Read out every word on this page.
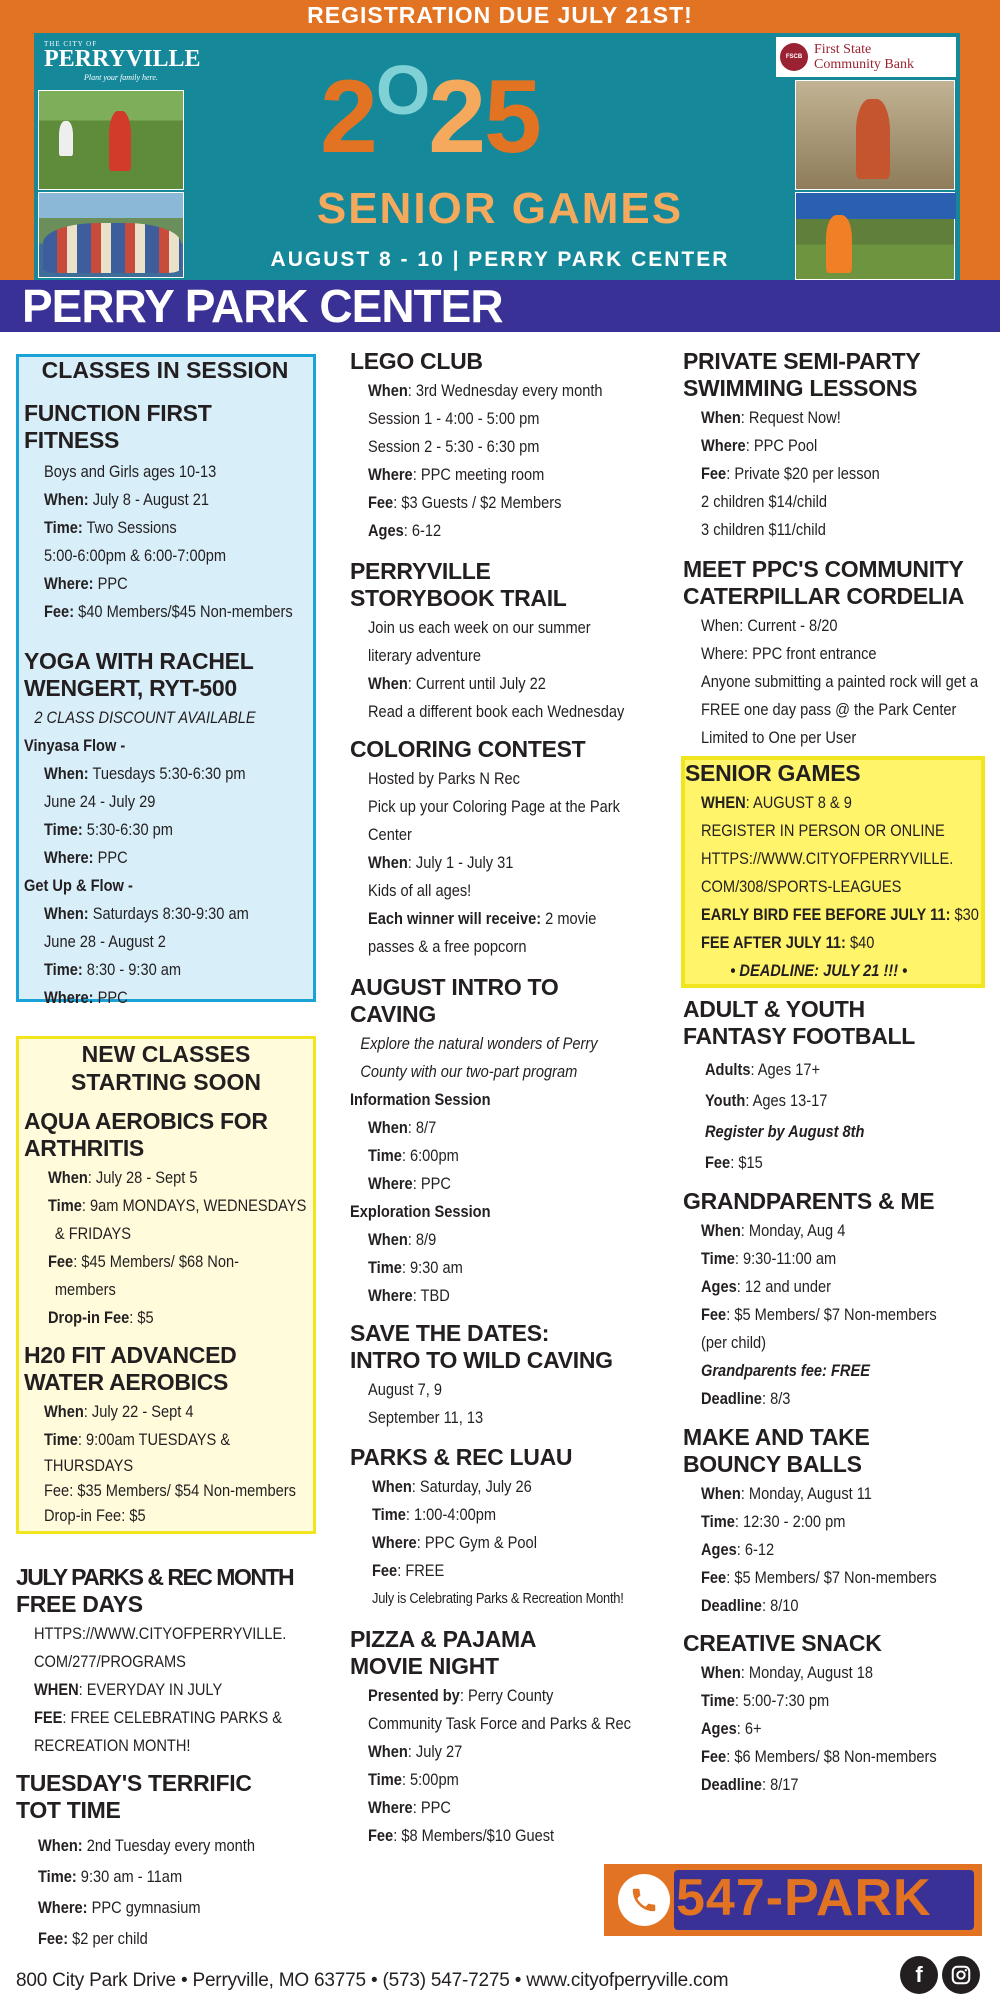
REGISTRATION DUE JULY 21ST!
THE CITY OF
PERRYVILLE
Plant your family here.
FSCB First State
Community Bank
2O25
SENIOR GAMES
AUGUST 8 - 10 | PERRY PARK CENTER
PERRY PARK CENTER
CLASSES IN SESSION
FUNCTION FIRST
FITNESS
Boys and Girls ages 10-13
When: July 8 - August 21
Time: Two Sessions
5:00-6:00pm & 6:00-7:00pm
Where: PPC
Fee: $40 Members/$45 Non-members
YOGA WITH RACHEL
WENGERT, RYT-500
2 CLASS DISCOUNT AVAILABLE
Vinyasa Flow -
When: Tuesdays 5:30-6:30 pm
June 24 - July 29
Time: 5:30-6:30 pm
Where: PPC
Get Up & Flow -
When: Saturdays 8:30-9:30 am
June 28 - August 2
Time: 8:30 - 9:30 am
Where: PPC
NEW CLASSES
STARTING SOON
AQUA AEROBICS FOR
ARTHRITIS
When: July 28 - Sept 5
Time: 9am MONDAYS, WEDNESDAYS
& FRIDAYS
Fee: $45 Members/ $68 Non-
members
Drop-in Fee: $5
H20 FIT ADVANCED
WATER AEROBICS
When: July 22 - Sept 4
Time: 9:00am TUESDAYS &
THURSDAYS
Fee: $35 Members/ $54 Non-members
Drop-in Fee: $5
JULY PARKS & REC MONTH
FREE DAYS
HTTPS://WWW.CITYOFPERRYVILLE.
COM/277/PROGRAMS
WHEN: EVERYDAY IN JULY
FEE: FREE CELEBRATING PARKS &
RECREATION MONTH!
TUESDAY'S TERRIFIC
TOT TIME
When: 2nd Tuesday every month
Time: 9:30 am - 11am
Where: PPC gymnasium
Fee: $2 per child
LEGO CLUB
When: 3rd Wednesday every month
Session 1 - 4:00 - 5:00 pm
Session 2 - 5:30 - 6:30 pm
Where: PPC meeting room
Fee: $3 Guests / $2 Members
Ages: 6-12
PERRYVILLE
STORYBOOK TRAIL
Join us each week on our summer
literary adventure
When: Current until July 22
Read a different book each Wednesday
COLORING CONTEST
Hosted by Parks N Rec
Pick up your Coloring Page at the Park
Center
When: July 1 - July 31
Kids of all ages!
Each winner will receive: 2 movie
passes & a free popcorn
AUGUST INTRO TO
CAVING
Explore the natural wonders of Perry
County with our two-part program
Information Session
When: 8/7
Time: 6:00pm
Where: PPC
Exploration Session
When: 8/9
Time: 9:30 am
Where: TBD
SAVE THE DATES:
INTRO TO WILD CAVING
August 7, 9
September 11, 13
PARKS & REC LUAU
When: Saturday, July 26
Time: 1:00-4:00pm
Where: PPC Gym & Pool
Fee: FREE
July is Celebrating Parks & Recreation Month!
PIZZA & PAJAMA
MOVIE NIGHT
Presented by: Perry County
Community Task Force and Parks & Rec
When: July 27
Time: 5:00pm
Where: PPC
Fee: $8 Members/$10 Guest
PRIVATE SEMI-PARTY
SWIMMING LESSONS
When: Request Now!
Where: PPC Pool
Fee: Private $20 per lesson
2 children $14/child
3 children $11/child
MEET PPC'S COMMUNITY
CATERPILLAR CORDELIA
When: Current - 8/20
Where: PPC front entrance
Anyone submitting a painted rock will get a
FREE one day pass @ the Park Center
Limited to One per User
SENIOR GAMES
WHEN: AUGUST 8 & 9
REGISTER IN PERSON OR ONLINE
HTTPS://WWW.CITYOFPERRYVILLE.
COM/308/SPORTS-LEAGUES
EARLY BIRD FEE BEFORE JULY 11: $30
FEE AFTER JULY 11: $40
• DEADLINE: JULY 21 !!! •
ADULT & YOUTH
FANTASY FOOTBALL
Adults: Ages 17+
Youth: Ages 13-17
Register by August 8th
Fee: $15
GRANDPARENTS & ME
When: Monday, Aug 4
Time: 9:30-11:00 am
Ages: 12 and under
Fee: $5 Members/ $7 Non-members
(per child)
Grandparents fee: FREE
Deadline: 8/3
MAKE AND TAKE
BOUNCY BALLS
When: Monday, August 11
Time: 12:30 - 2:00 pm
Ages: 6-12
Fee: $5 Members/ $7 Non-members
Deadline: 8/10
CREATIVE SNACK
When: Monday, August 18
Time: 5:00-7:30 pm
Ages: 6+
Fee: $6 Members/ $8 Non-members
Deadline: 8/17
547-PARK
800 City Park Drive • Perryville, MO 63775 • (573) 547-7275 • www.cityofperryville.com	f
